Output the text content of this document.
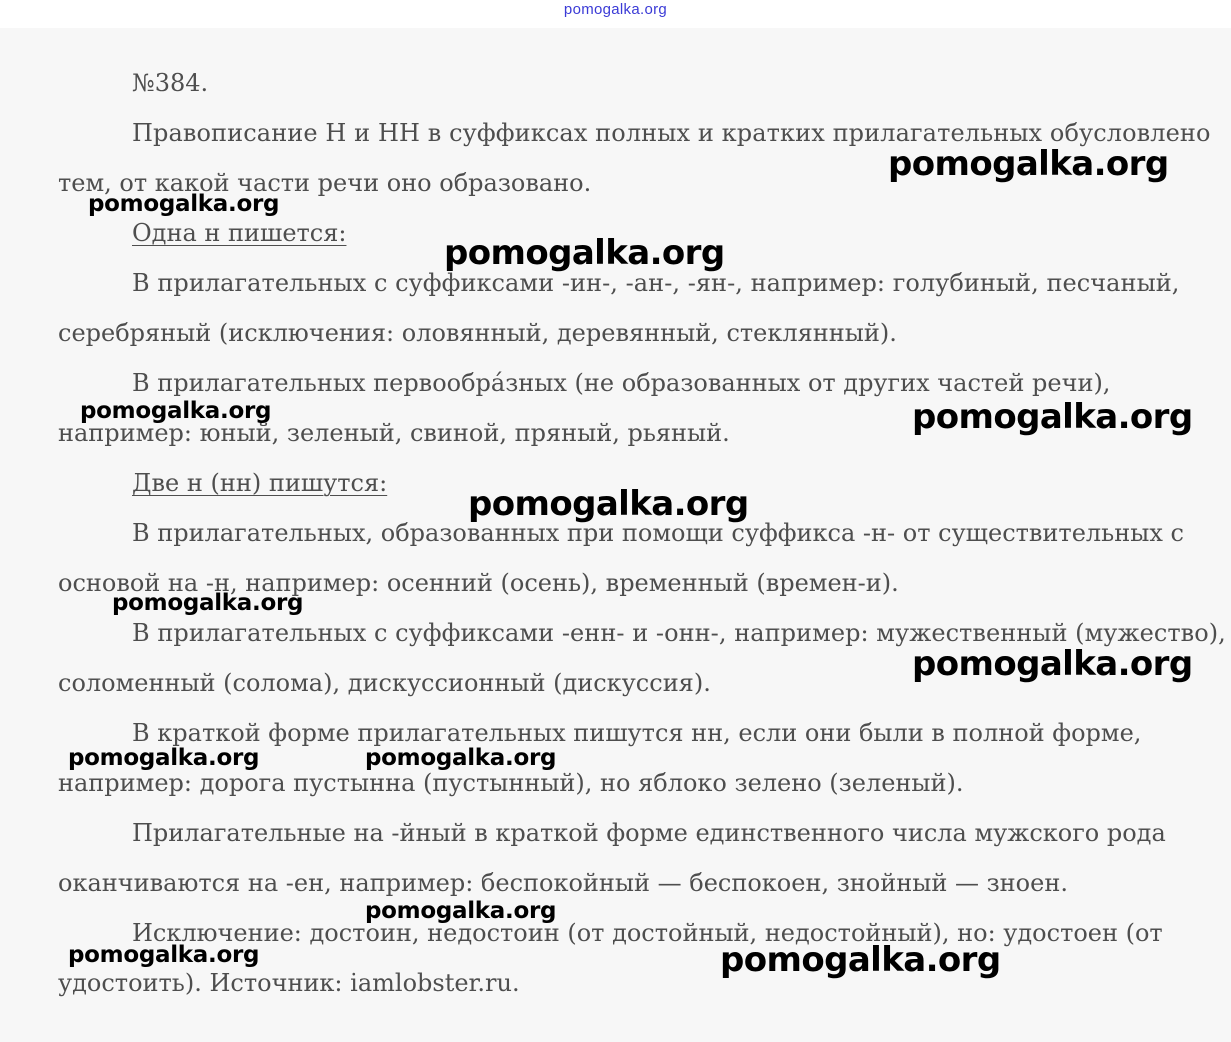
pomogalka.org
№384.
Правописание Н и НН в суффиксах полных и кратких прилагательных обусловлено
тем, от какой части речи оно образовано.
Одна н пишется:
В прилагательных с суффиксами -ин-, -ан-, -ян-, например: голубиный, песчаный,
серебряный (исключения: оловянный, деревянный, стеклянный).
В прилагательных первообра́зных (не образованных от других частей речи),
например: юный, зеленый, свиной, пряный, рьяный.
Две н (нн) пишутся:
В прилагательных, образованных при помощи суффикса -н- от существительных с
основой на -н, например: осенний (осень), временный (времен-и).
В прилагательных с суффиксами -енн- и -онн-, например: мужественный (мужество),
соломенный (солома), дискуссионный (дискуссия).
В краткой форме прилагательных пишутся нн, если они были в полной форме,
например: дорога пустынна (пустынный), но яблоко зелено (зеленый).
Прилагательные на -йный в краткой форме единственного числа мужского рода
оканчиваются на -ен, например: беспокойный — беспокоен, знойный — зноен.
Исключение: достоин, недостоин (от достойный, недостойный), но: удостоен (от
удостоить). Источник: iamlobster.ru.
pomogalka.org
pomogalka.org
pomogalka.org
pomogalka.org	pomogalka.org
pomogalka.org
pomogalka.org
pomogalka.org
pomogalka.org	pomogalka.org
pomogalka.org
pomogalka.org	pomogalka.org
